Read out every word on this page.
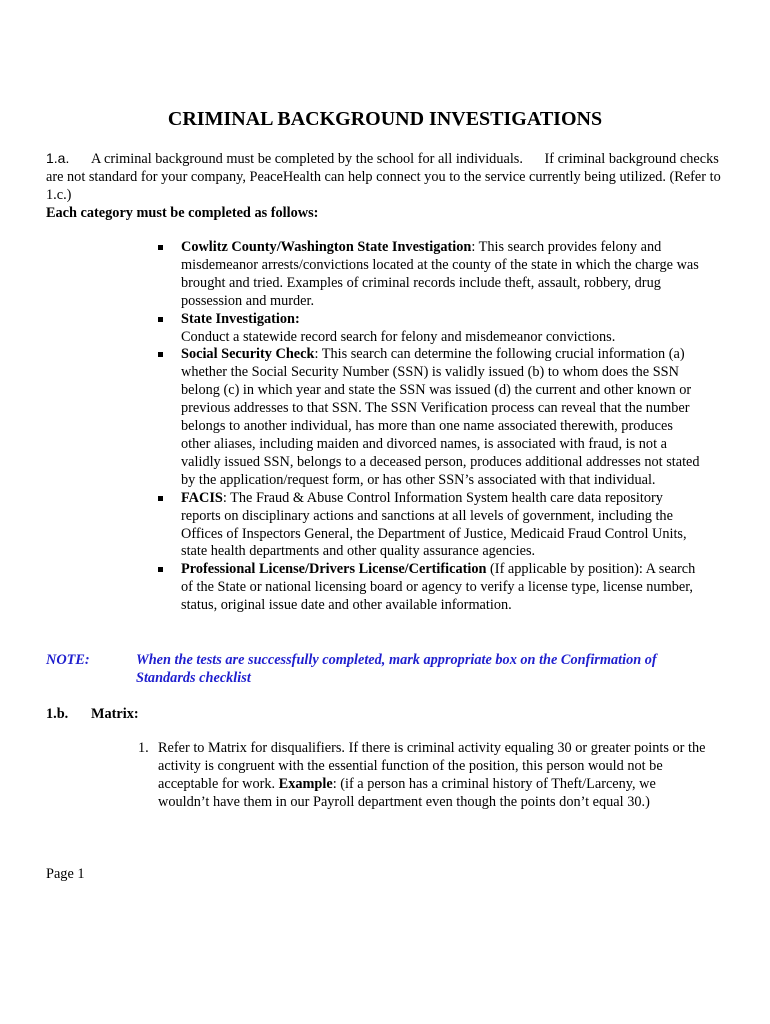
CRIMINAL BACKGROUND INVESTIGATIONS
1.a. A criminal background must be completed by the school for all individuals. If criminal background checks are not standard for your company, PeaceHealth can help connect you to the service currently being utilized. (Refer to 1.c.)
Each category must be completed as follows:
Cowlitz County/Washington State Investigation: This search provides felony and misdemeanor arrests/convictions located at the county of the state in which the charge was brought and tried. Examples of criminal records include theft, assault, robbery, drug possession and murder.
State Investigation:
Conduct a statewide record search for felony and misdemeanor convictions.
Social Security Check: This search can determine the following crucial information (a) whether the Social Security Number (SSN) is validly issued (b) to whom does the SSN belong (c) in which year and state the SSN was issued (d) the current and other known or previous addresses to that SSN. The SSN Verification process can reveal that the number belongs to another individual, has more than one name associated therewith, produces other aliases, including maiden and divorced names, is associated with fraud, is not a validly issued SSN, belongs to a deceased person, produces additional addresses not stated by the application/request form, or has other SSN’s associated with that individual.
FACIS: The Fraud & Abuse Control Information System health care data repository reports on disciplinary actions and sanctions at all levels of government, including the Offices of Inspectors General, the Department of Justice, Medicaid Fraud Control Units, state health departments and other quality assurance agencies.
Professional License/Drivers License/Certification (If applicable by position): A search of the State or national licensing board or agency to verify a license type, license number, status, original issue date and other available information.
NOTE:	When the tests are successfully completed, mark appropriate box on the Confirmation of Standards checklist
1.b. Matrix:
1. Refer to Matrix for disqualifiers. If there is criminal activity equaling 30 or greater points or the activity is congruent with the essential function of the position, this person would not be acceptable for work. Example: (if a person has a criminal history of Theft/Larceny, we wouldn’t have them in our Payroll department even though the points don’t equal 30.)
Page 1
